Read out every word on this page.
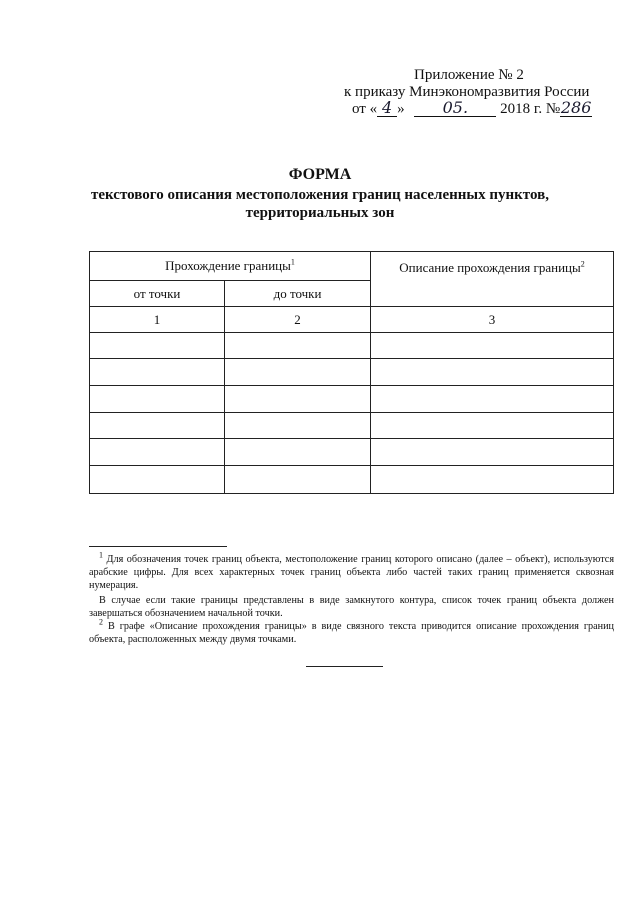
Приложение № 2
к приказу Минэкономразвития России
от « 4 » 05. 2018 г. №286
ФОРМА
текстового описания местоположения границ населенных пунктов,
территориальных зон
Прохождение границы$^1$		Описание прохождения границы$^2$
от точки	до точки	
1	2	3

$^1$ Для обозначения точек границ объекта, местоположение границ которого описано (далее – объект), используются арабские цифры. Для всех характерных точек границ объекта либо частей таких границ применяется сквозная нумерация.

В случае если такие границы представлены в виде замкнутого контура, список точек границ объекта должен завершаться обозначением начальной точки.

$^2$ В графе «Описание прохождения границы» в виде связного текста приводится описание прохождения границ объекта, расположенных между двумя точками.
